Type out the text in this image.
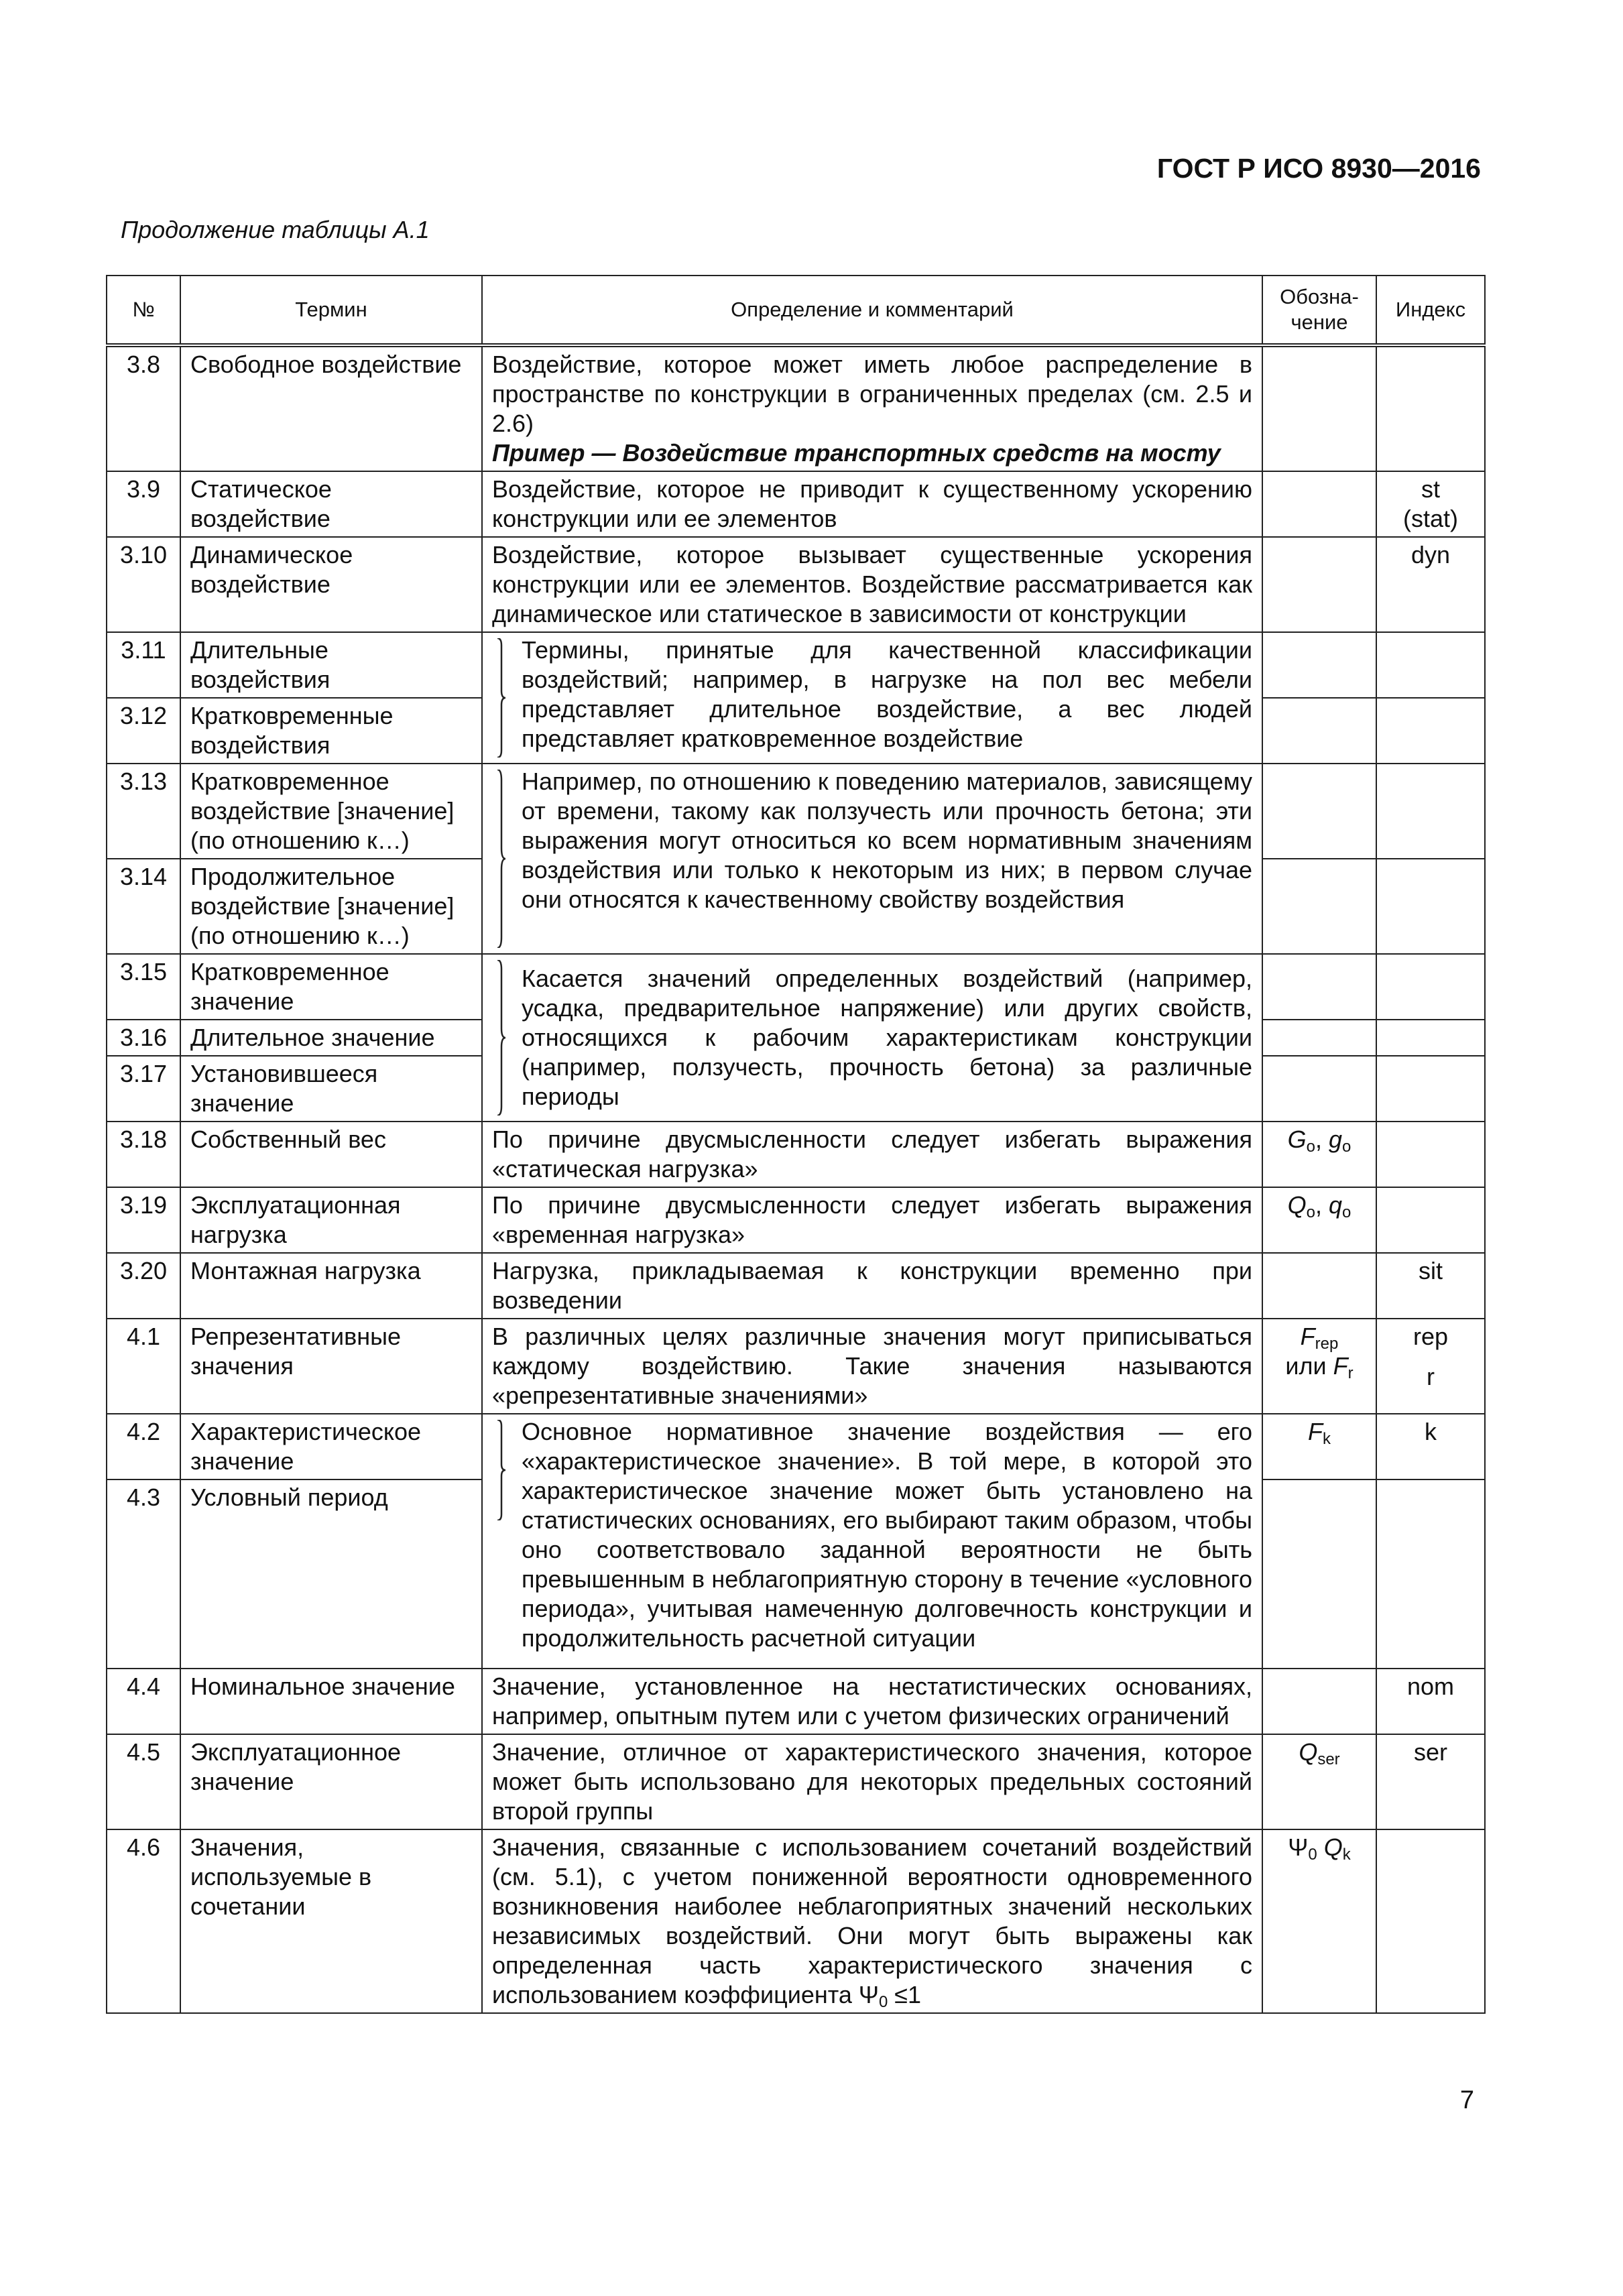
ГОСТ Р ИСО 8930—2016
Продолжение таблицы А.1
№	Термин	Определение и комментарий	Обозна-чение	Индекс
3.8	Свободное воздействие	Воздействие, которое может иметь любое распределение в пространстве по конструкции в ограниченных пределах (см. 2.5 и 2.6)
Пример — Воздействие транспортных средств на мосту		
3.9	Статическое воздействие	Воздействие, которое не приводит к существенному ускорению конструкции или ее элементов		st
(stat)

3.10	Динамическое воздействие	Воздействие, которое вызывает существенные ускорения конструкции или ее элементов. Воздействие рассматривается как динамическое или статическое в зависимости от конструкции		dyn
3.11	Длительные воздействия	Термины, принятые для качественной классификации воздействий; например, в нагрузке на пол вес мебели представляет длительное воздействие, а вес людей представляет кратковременное воздействие		
3.12	Кратковременные воздействия			
3.13	Кратковременное воздействие [значение] (по отношению к…)	Например, по отношению к поведению материалов, зависящему от времени, такому как ползучесть или прочность бетона; эти выражения могут относиться ко всем нормативным значениям воздействия или только к некоторым из них; в первом случае они относятся к качественному свойству воздействия		
3.14	Продолжительное воздействие [значение] (по отношению к…)			
3.15	Кратковременное значение	Касается значений определенных воздействий (например, усадка, предварительное напряжение) или других свойств, относящихся к рабочим характеристикам конструкции (например, ползучесть, прочность бетона) за различные периоды		
3.16	Длительное значение			
3.17	Установившееся значение			
3.18	Собственный вес	По причине двусмысленности следует избегать выражения «статическая нагрузка»	$G_o$, $g_o$	
3.19	Эксплуатационная нагрузка	По причине двусмысленности следует избегать выражения «временная нагрузка»	$Q_o$, $q_o$	
3.20	Монтажная нагрузка	Нагрузка, прикладываемая к конструкции временно при возведении		sit
4.1	Репрезентативные значения	В различных целях различные значения могут приписываться каждому воздействию. Такие значения называются «репрезентативные значениями»	$F_{rep}$
или $F_r$	rep
r

4.2	Характеристическое значение	Основное нормативное значение воздействия — его «характеристическое значение». В той мере, в которой это характеристическое значение может быть установлено на статистических основаниях, его выбирают таким образом, чтобы оно соответствовало заданной вероятности не быть превышенным в неблагоприятную сторону в течение «условного периода», учитывая намеченную долговечность конструкции и продолжительность расчетной ситуации	$F_k$	k
4.3	Условный период			
4.4	Номинальное значение	Значение, установленное на нестатистических основаниях, например, опытным путем или с учетом физических ограничений		nom
4.5	Эксплуатационное значение	Значение, отличное от характеристического значения, которое может быть использовано для некоторых предельных состояний второй группы	$Q_{ser}$	ser
4.6	Значения, используемые в сочетании	Значения, связанные с использованием сочетаний воздействий (см. 5.1), с учетом пониженной вероятности одновременного возникновения наиболее неблагоприятных значений нескольких независимых воздействий. Они могут быть выражены как определенная часть характеристического значения с использованием коэффициента $\Psi_0 \le 1$	$\Psi_0$ $Q_k$	
7
